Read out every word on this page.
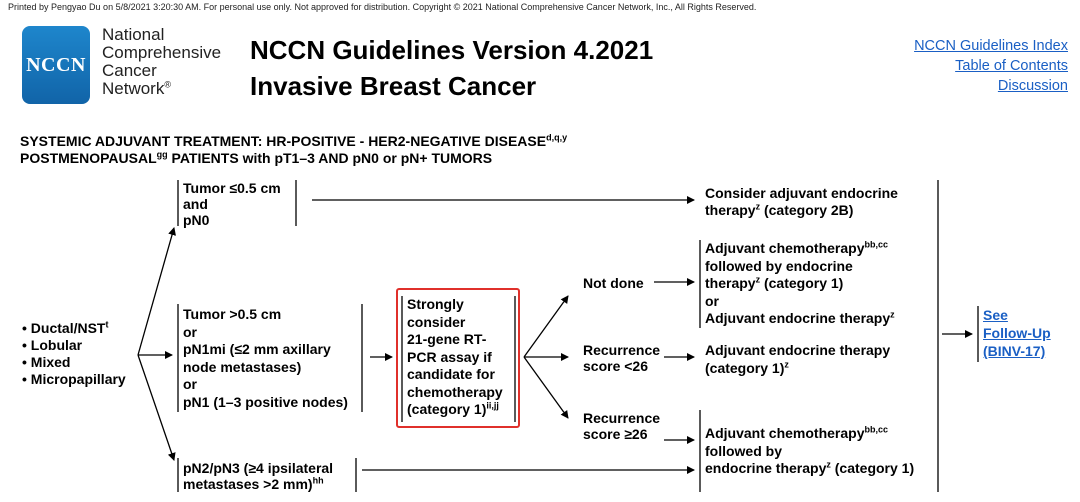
Printed by Pengyao Du on 5/8/2021 3:20:30 AM. For personal use only. Not approved for distribution. Copyright © 2021 National Comprehensive Cancer Network, Inc., All Rights Reserved.
NCCN
National
Comprehensive
Cancer
Network®
NCCN Guidelines Version 4.2021
Invasive Breast Cancer
NCCN Guidelines Index
Table of Contents
Discussion
SYSTEMIC ADJUVANT TREATMENT: HR-POSITIVE - HER2-NEGATIVE DISEASE$^{d,q,y}$
$POSTMENOPAUSAL^{gg}$ PATIENTS with pT1–3 AND pN0 or pN+ TUMORS
• Ductal/NST$^t$
• Lobular
• Mixed
• Micropapillary
Tumor ≤0.5 cm
and
pN0
Tumor >0.5 cm
or
pN1mi (≤2 mm axillary
node metastases)
or
pN1 (1–3 positive nodes)
pN2/pN3 (≥4 ipsilateral
metastases >2 mm)$^{hh}$
Strongly
consider
21-gene RT-
PCR assay if
candidate for
chemotherapy
(category 1)$^{ii,jj}$
Not done
Recurrence
score <26
Recurrence
score ≥26
Consider adjuvant endocrine
therapy$^z$ (category 2B)
Adjuvant chemotherapy$^{bb,cc}$
followed by endocrine
therapy$^z$ (category 1)
or
Adjuvant endocrine therapy$^z$
Adjuvant endocrine therapy
(category 1)$^z$
Adjuvant chemotherapy$^{bb,cc}$
followed by
endocrine therapy$^z$ (category 1)
See
Follow-Up
(BINV-17)
